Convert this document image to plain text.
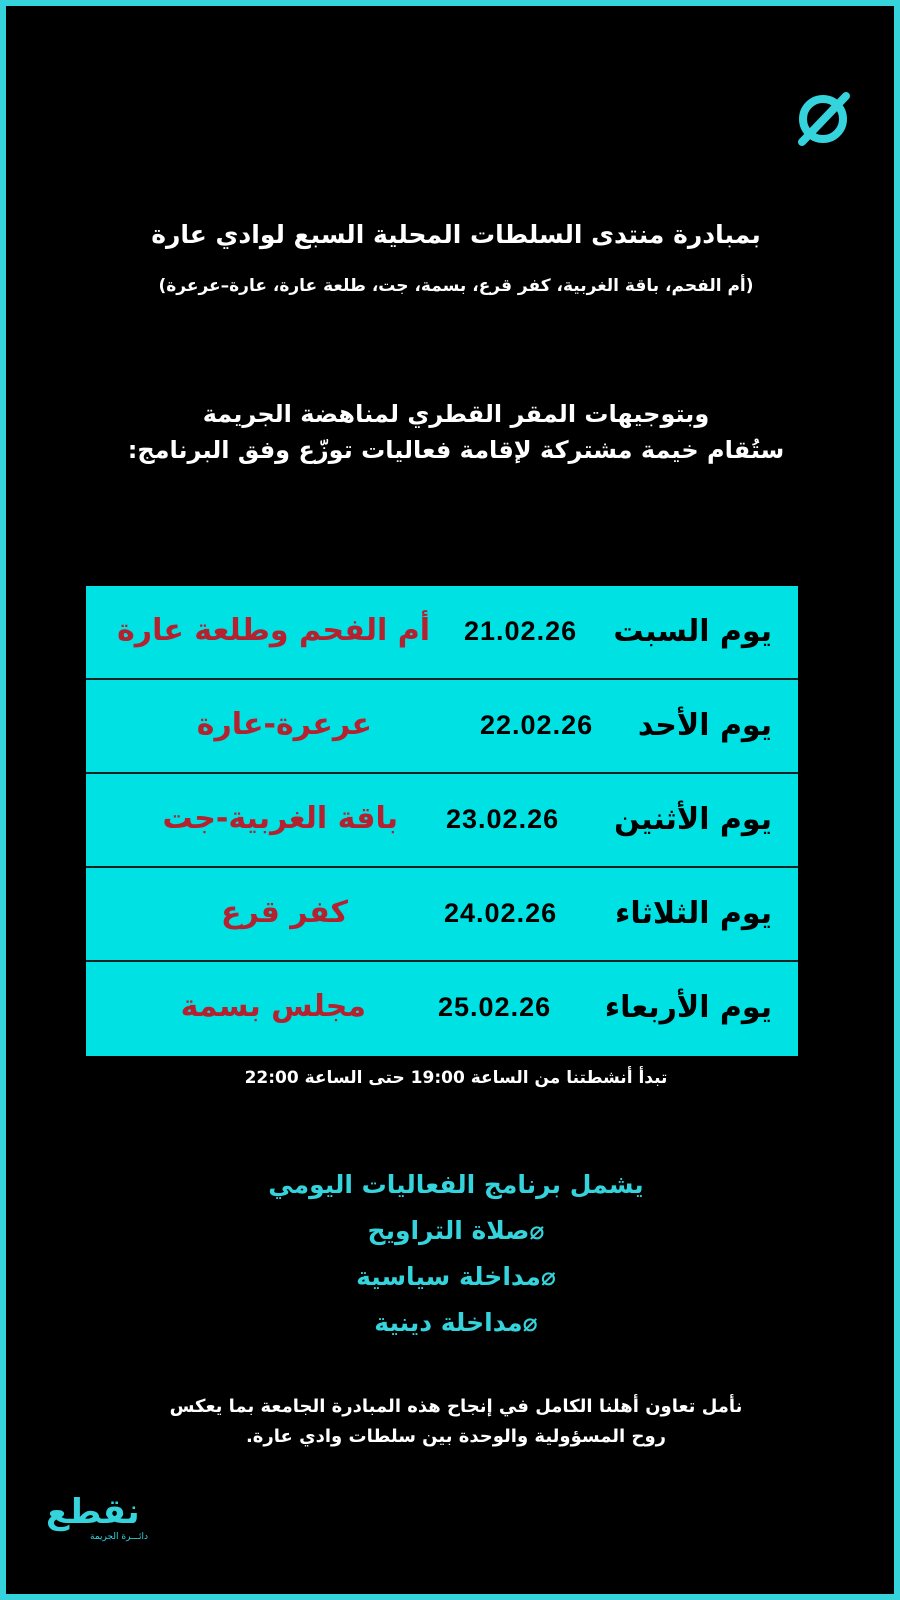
بمبادرة منتدى السلطات المحلية السبع لوادي عارة
(أم الفحم، باقة الغربية، كفر قرع، بسمة، جت، طلعة عارة، عارة–عرعرة)
وبتوجيهات المقر القطري لمناهضة الجريمة
ستُقام خيمة مشتركة لإقامة فعاليات توزّع وفق البرنامج:
يوم السبت
21.02.26
أم الفحم وطلعة عارة
يوم الأحد
22.02.26
عرعرة-عارة
يوم الأثنين
23.02.26
باقة الغربية-جت
يوم الثلاثاء
24.02.26
كفر قرع
يوم الأربعاء
25.02.26
مجلس بسمة
تبدأ أنشطتنا من الساعة 19:00 حتى الساعة 22:00
يشمل برنامج الفعاليات اليومي
⌀صلاة التراويح
⌀مداخلة سياسية
⌀مداخلة دينية
نأمل تعاون أهلنا الكامل في إنجاح هذه المبادرة الجامعة بما يعكس
روح المسؤولية والوحدة بين سلطات وادي عارة.
نقطع
دائـــرة الجريمة
